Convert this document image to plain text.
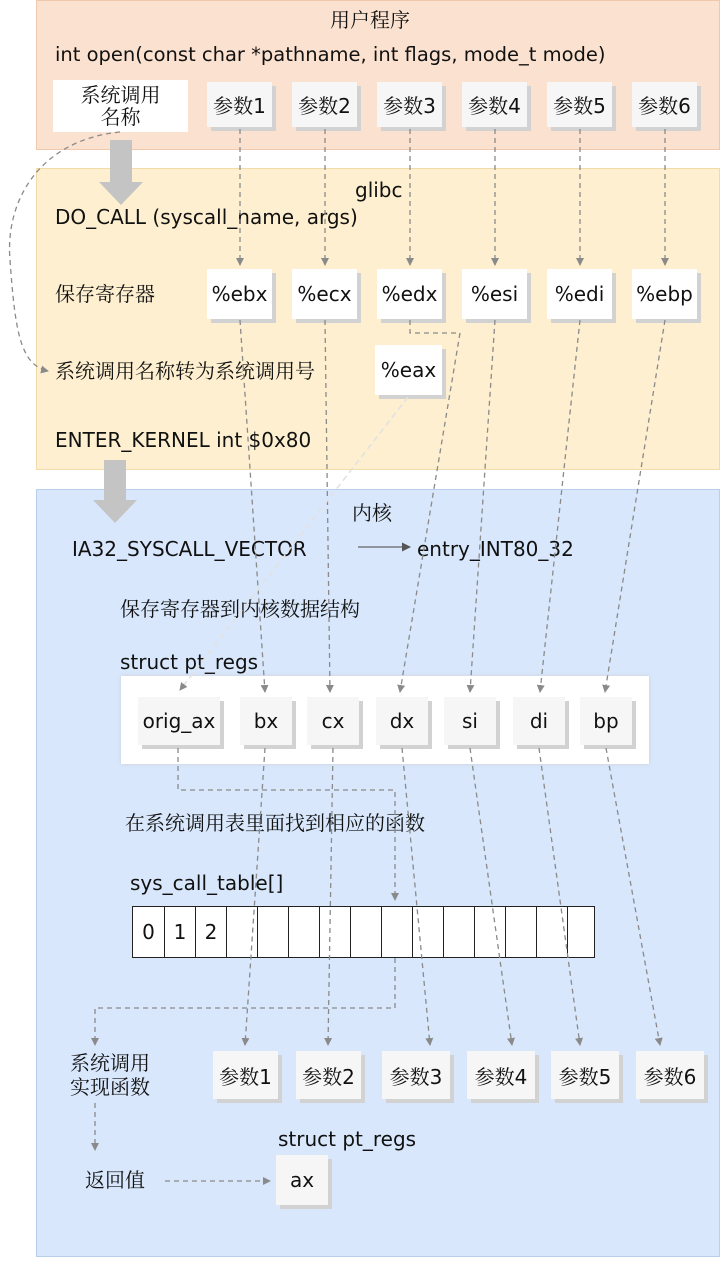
用户程序
int open(const char *pathname, int flags, mode_t mode)
系统调用
名称	参数1	参数2	参数3	参数4	参数5	参数6
glibc
DO_CALL (syscall_name, args)
保存寄存器	%ebx %ecx %edx	%esi	%edi	%ebp
系统调用名称转为系统调用号	%eax
ENTER_KERNEL int $0x80
内核
IA32_SYSCALL_VECTOR	entry_INT80_32
保存寄存器到内核数据结构
struct pt_regs
orig_ax	bx	cx	dx	si	di	bp
在系统调用表里面找到相应的函数
sys_call_table[]
0 1 2
系统调用
实现函数	参数1	参数2	参数3	参数4	参数5	参数6
struct pt_regs
ax
返回值
